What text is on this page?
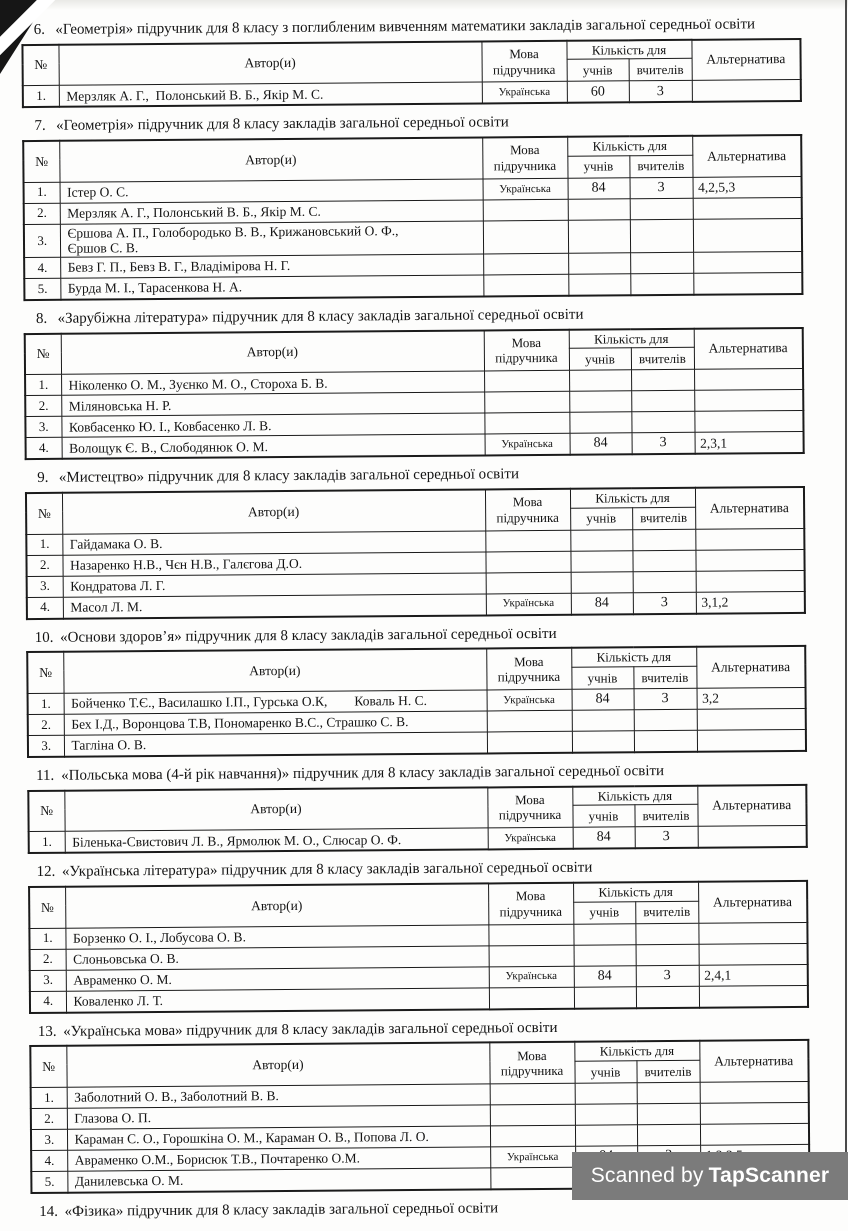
6. «Геометрія» підручник для 8 класу з поглибленим вивченням математики закладів загальної середньої освіти
№	Автор(и)	Мова підручника	Кількість для		Альтернатива
			учнів	вчителів	
1.	Мерзляк А. Г.,  Полонський В. Б., Якір М. С.	Українська	60	3	
7. «Геометрія» підручник для 8 класу закладів загальної середньої освіти
№	Автор(и)	Мова підручника	Кількість для		Альтернатива
			учнів	вчителів	
1.	Істер О. С.	Українська	84	3	4,2,5,3
2.	Мерзляк А. Г., Полонський В. Б., Якір М. С.				
3.	Єршова А. П., Голобородько В. В., Крижановський О. Ф.,
Єршов С. В.				
4.	Бевз Г. П., Бевз В. Г., Владімірова Н. Г.				
5.	Бурда М. І., Тарасенкова Н. А.				
8. «Зарубіжна література» підручник для 8 класу закладів загальної середньої освіти
№	Автор(и)	Мова підручника	Кількість для		Альтернатива
			учнів	вчителів	
1.	Ніколенко О. М., Зуєнко М. О., Стороха Б. В.				
2.	Міляновська Н. Р.				
3.	Ковбасенко Ю. І., Ковбасенко Л. В.				
4.	Волощук Є. В., Слободянюк О. М.	Українська	84	3	2,3,1
9. «Мистецтво» підручник для 8 класу закладів загальної середньої освіти
№	Автор(и)	Мова підручника	Кількість для		Альтернатива
			учнів	вчителів	
1.	Гайдамака О. В.				
2.	Назаренко Н.В., Чєн Н.В., Галєгова Д.О.				
3.	Кондратова Л. Г.				
4.	Масол Л. М.	Українська	84	3	3,1,2
10. «Основи здоров’я» підручник для 8 класу закладів загальної середньої освіти
№	Автор(и)	Мова підручника	Кількість для		Альтернатива
			учнів	вчителів	
1.	Бойченко Т.Є., Василашко І.П., Гурська О.К,        Коваль Н. С.	Українська	84	3	3,2
2.	Бех І.Д., Воронцова Т.В, Пономаренко В.С., Страшко С. В.				
3.	Тагліна О. В.				
11. «Польська мова (4-й рік навчання)» підручник для 8 класу закладів загальної середньої освіти
№	Автор(и)	Мова підручника	Кількість для		Альтернатива
			учнів	вчителів	
1.	Біленька-Свистович Л. В., Ярмолюк М. О., Слюсар О. Ф.	Українська	84	3	
12. «Українська література» підручник для 8 класу закладів загальної середньої освіти
№	Автор(и)	Мова підручника	Кількість для		Альтернатива
			учнів	вчителів	
1.	Борзенко О. І., Лобусова О. В.				
2.	Слоньовська О. В.				
3.	Авраменко О. М.	Українська	84	3	2,4,1
4.	Коваленко Л. Т.				
13. «Українська мова» підручник для 8 класу закладів загальної середньої освіти
№	Автор(и)	Мова підручника	Кількість для		Альтернатива
			учнів	вчителів	
1.	Заболотний О. В., Заболотний В. В.				
2.	Глазова О. П.				
3.	Караман С. О., Горошкіна О. М., Караман О. В., Попова Л. О.				
4.	Авраменко О.М., Борисюк Т.В., Почтаренко О.М.	Українська			
5.	Данилевська О. М.				
14. «Фізика» підручник для 8 класу закладів загальної середньої освіти
Scanned by TapScanner
